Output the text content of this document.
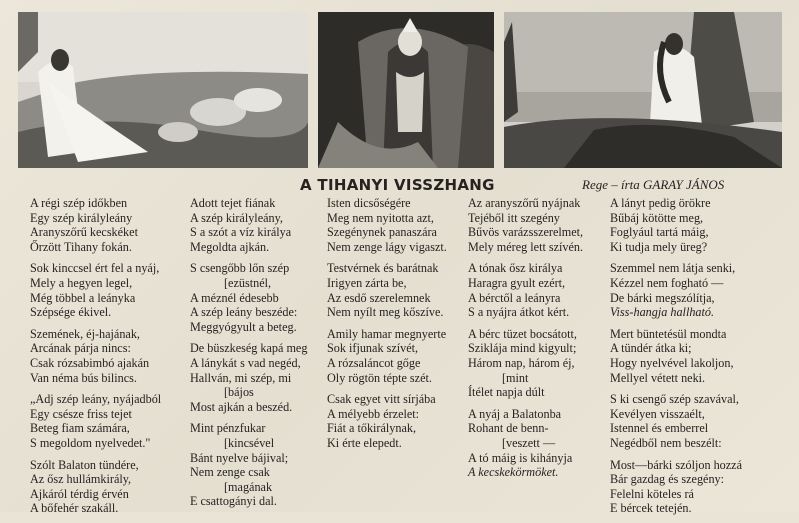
A TIHANYI VISSZHANG	Rege – írta GARAY JÁNOS
A régi szép időkben
Egy szép királyleány
Aranyszőrű kecskéket
Őrzött Tihany fokán.
Sok kinccsel ért fel a nyáj,
Mely a hegyen legel,
Még többel a leányka
Szépsége ékivel.
Szemének, éj-hajának,
Arcának párja nincs:
Csak rózsabimbó ajakán
Van néma bús bilincs.
„Adj szép leány, nyájadból
Egy csésze friss tejet
Beteg fiam számára,
S megoldom nyelvedet."
Szólt Balaton tündére,
Az ősz hullámkirály,
Ajkáról térdig érvén
A bőfehér szakáll.
Adott tejet fiának
A szép királyleány,
S a szót a víz királya
Megoldta ajkán.
S csengőbb lőn szép
[ezüstnél,
A méznél édesebb
A szép leány beszéde:
Meggyógyult a beteg.
De büszkeség kapá meg
A lánykát s vad negéd,
Hallván, mi szép, mi
[bájos
Most ajkán a beszéd.
Mint pénzfukar
[kincsével
Bánt nyelve bájival;
Nem zenge csak
[magának
E csattogányi dal.
Isten dicsőségére
Meg nem nyitotta azt,
Szegénynek panaszára
Nem zenge lágy vigaszt.
Testvérnek és barátnak
Irigyen zárta be,
Az esdő szerelemnek
Nem nyílt meg kőszíve.
Amily hamar megnyerte
Sok ifjunak szívét,
A rózsaláncot gőge
Oly rögtön tépte szét.
Csak egyet vitt sírjába
A mélyebb érzelet:
Fiát a tőkirálynak,
Ki érte elepedt.
Az aranyszőrű nyájnak
Tejéből itt szegény
Bűvös varázsszerelmet,
Mely méreg lett szívén.
A tónak ősz királya
Haragra gyult ezért,
A bérctől a leányra
S a nyájra átkot kért.
A bérc tüzet bocsátott,
Sziklája mind kigyult;
Három nap, három éj,
[mint
Ítélet napja dúlt
A nyáj a Balatonba
Rohant de benn-
[veszett —
A tó máig is kihányja
A kecskekörmöket.
A lányt pedig örökre
Bűbáj kötötte meg,
Foglyául tartá máig,
Ki tudja mely üreg?
Szemmel nem látja senki,
Kézzel nem fogható —
De bárki megszólítja,
Viss-hangja hallható.
Mert büntetésül mondta
A tündér átka ki;
Hogy nyelvével lakoljon,
Mellyel vétett neki.
S ki csengő szép szavával,
Kevélyen visszaélt,
Istennel és emberrel
Negédből nem beszélt:
Most—bárki szóljon hozzá
Bár gazdag és szegény:
Felelni köteles rá
E bércek tetején.
